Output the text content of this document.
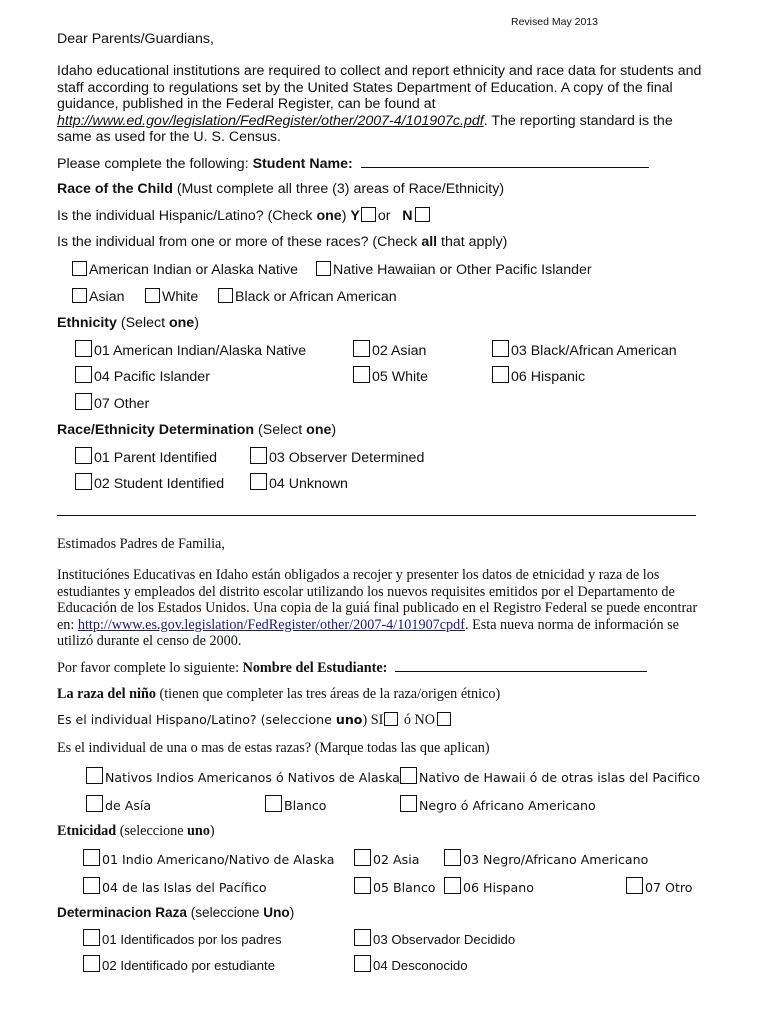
Revised May 2013
Dear Parents/Guardians,
Idaho educational institutions are required to collect and report ethnicity and race data for students and staff according to regulations set by the United States Department of Education. A copy of the final guidance, published in the Federal Register, can be found at http://www.ed.gov/legislation/FedRegister/other/2007-4/101907c.pdf. The reporting standard is the same as used for the U. S. Census.
Please complete the following: Student Name:
Race of the Child (Must complete all three (3) areas of Race/Ethnicity)
Is the individual Hispanic/Latino? (Check one) Y or N
Is the individual from one or more of these races? (Check all that apply)
American Indian or Alaska Native	Native Hawaiian or Other Pacific Islander
Asian	White	Black or African American
Ethnicity (Select one)
01 American Indian/Alaska Native	02 Asian	03 Black/African American
04 Pacific Islander	05 White	06 Hispanic
07 Other
Race/Ethnicity Determination (Select one)
01 Parent Identified	03 Observer Determined
02 Student Identified	04 Unknown
Estimados Padres de Familia,
Instituciónes Educativas en Idaho están obligados a recojer y presenter los datos de etnicidad y raza de los estudiantes y empleados del distrito escolar utilizando los nuevos requisites emitidos por el Departamento de Educación de los Estados Unidos. Una copia de la guiá final publicado en el Registro Federal se puede encontrar en: http://www.es.gov.legislation/FedRegister/other/2007-4/101907cpdf. Esta nueva norma de información se utilizó durante el censo de 2000.
Por favor complete lo siguiente: Nombre del Estudiante:
La raza del niño (tienen que completer las tres áreas de la raza/origen étnico)
Es el individual Hispano/Latino? (seleccione uno) SI ó NO
Es el individual de una o mas de estas razas? (Marque todas las que aplican)
Nativos Indios Americanos ó Nativos de Alaska	Nativo de Hawaii ó de otras islas del Pacifico
de Asía	Blanco	Negro ó Africano Americano
Etnicidad (seleccione uno)
01 Indio Americano/Nativo de Alaska	02 Asia	03 Negro/Africano Americano
04 de las Islas del Pacífico	05 Blanco	06 Hispano	07 Otro
Determinacion Raza (seleccione Uno)
01 Identificados por los padres	03 Observador Decidido
02 Identificado por estudiante	04 Desconocido
